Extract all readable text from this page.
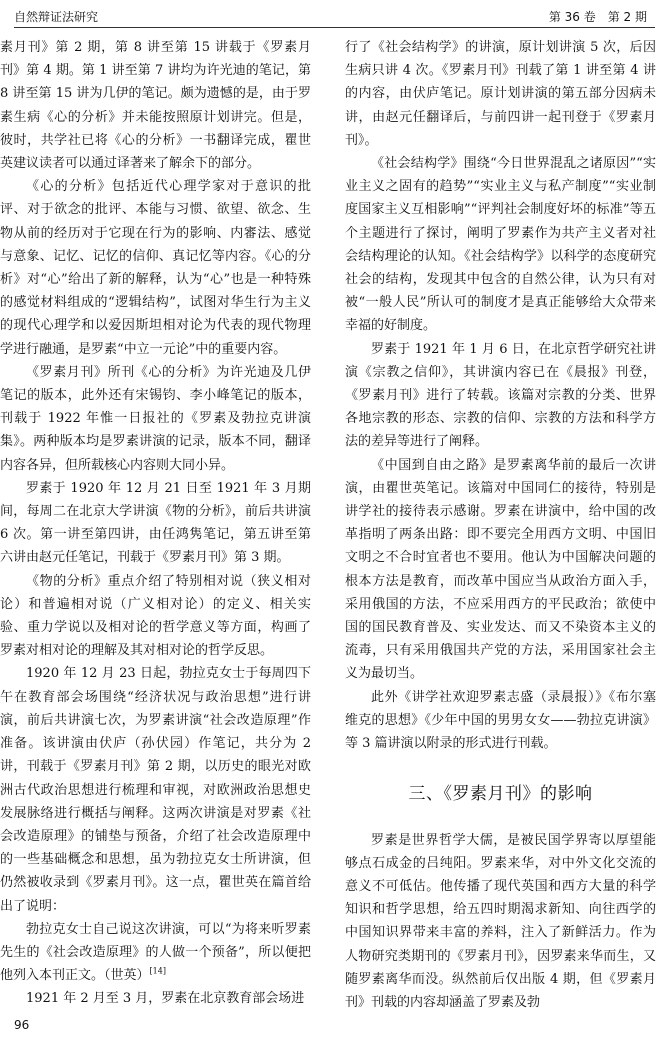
自然辩证法研究	第 36 卷　第 2 期

素月刊》第 2 期，第 8 讲至第 15 讲载于《罗素月刊》第 4 期。第 1 讲至第 7 讲均为许光迪的笔记，第 8 讲至第 15 讲为几伊的笔记。颇为遗憾的是，由于罗素生病《心的分析》并未能按照原计划讲完。但是，彼时，共学社已将《心的分析》一书翻译完成，瞿世英建议读者可以通过译著来了解余下的部分。

《心的分析》包括近代心理学家对于意识的批评、对于欲念的批评、本能与习惯、欲望、欲念、生物从前的经历对于它现在行为的影响、内審法、感觉与意象、记忆、记忆的信仰、真记忆等内容。《心的分析》对“心”给出了新的解释，认为“心”也是一种特殊的感觉材料组成的“逻辑结构”，试图对华生行为主义的现代心理学和以爱因斯坦相对论为代表的现代物理学进行融通，是罗素“中立一元论”中的重要内容。

《罗素月刊》所刊《心的分析》为许光迪及几伊笔记的版本，此外还有宋锡钧、李小峰笔记的版本，刊载于 1922 年惟一日报社的《罗素及勃拉克讲演集》。两种版本均是罗素讲演的记录，版本不同，翻译内容各异，但所载核心内容则大同小异。

罗素于 1920 年 12 月 21 日至 1921 年 3 月期间，每周二在北京大学讲演《物的分析》，前后共讲演 6 次。第一讲至第四讲，由任鸿隽笔记，第五讲至第六讲由赵元任笔记，刊载于《罗素月刊》第 3 期。

《物的分析》重点介绍了特别相对说（狭义相对论）和普遍相对说（广义相对论）的定义、相关实验、重力学说以及相对论的哲学意义等方面，构画了罗素对相对论的理解及其对相对论的哲学反思。

1920 年 12 月 23 日起，勃拉克女士于每周四下午在教育部会场围绕“经济状况与政治思想”进行讲演，前后共讲演七次，为罗素讲演“社会改造原理”作准备。该讲演由伏庐（孙伏园）作笔记，共分为 2 讲，刊载于《罗素月刊》第 2 期，以历史的眼光对欧洲古代政治思想进行梳理和审视，对欧洲政治思想史发展脉络进行概括与阐释。这两次讲演是对罗素《社会改造原理》的铺垫与预备，介绍了社会改造原理中的一些基础概念和思想，虽为勃拉克女士所讲演，但仍然被收录到《罗素月刊》。这一点，瞿世英在篇首给出了说明：

勃拉克女士自己说这次讲演，可以“为将来听罗素先生的《社会改造原理》的人做一个预备”，所以便把他列入本刊正文。（世英）[14]

1921 年 2 月至 3 月，罗素在北京教育部会场进

行了《社会结构学》的讲演，原计划讲演 5 次，后因生病只讲 4 次。《罗素月刊》刊载了第 1 讲至第 4 讲的内容，由伏庐笔记。原计划讲演的第五部分因病未讲，由赵元任翻译后，与前四讲一起刊登于《罗素月刊》。

《社会结构学》围绕“今日世界混乱之诸原因”“实业主义之固有的趋势”“实业主义与私产制度”“实业制度国家主义互相影响”“评判社会制度好坏的标准”等五个主题进行了探讨，阐明了罗素作为共产主义者对社会结构理论的认知。《社会结构学》以科学的态度研究社会的结构，发现其中包含的自然公律，认为只有对被“一般人民”所认可的制度才是真正能够给大众带来幸福的好制度。

罗素于 1921 年 1 月 6 日，在北京哲学研究社讲演《宗教之信仰》，其讲演内容已在《晨报》刊登，《罗素月刊》进行了转载。该篇对宗教的分类、世界各地宗教的形态、宗教的信仰、宗教的方法和科学方法的差异等进行了阐释。

《中国到自由之路》是罗素离华前的最后一次讲演，由瞿世英笔记。该篇对中国同仁的接待，特别是讲学社的接待表示感谢。罗素在讲演中，给中国的改革指明了两条出路：即不要完全用西方文明、中国旧文明之不合时宜者也不要用。他认为中国解决问题的根本方法是教育，而改革中国应当从政治方面入手，采用俄国的方法，不应采用西方的平民政治；欲使中国的国民教育普及、实业发达、而又不染资本主义的流毒，只有采用俄国共产党的方法，采用国家社会主义为最切当。

此外《讲学社欢迎罗素志盛（录晨报）》《布尔塞维克的思想》《少年中国的男男女女——勃拉克讲演》等 3 篇讲演以附录的形式进行刊载。

三、《罗素月刊》的影响

罗素是世界哲学大儒，是被民国学界寄以厚望能够点石成金的吕纯阳。罗素来华，对中外文化交流的意义不可低估。他传播了现代英国和西方大量的科学知识和哲学思想，给五四时期渴求新知、向往西学的中国知识界带来丰富的养料，注入了新鲜活力。作为人物研究类期刊的《罗素月刊》，因罗素来华而生，又随罗素离华而没。纵然前后仅出版 4 期，但《罗素月刊》刊载的内容却涵盖了罗素及勃

96
